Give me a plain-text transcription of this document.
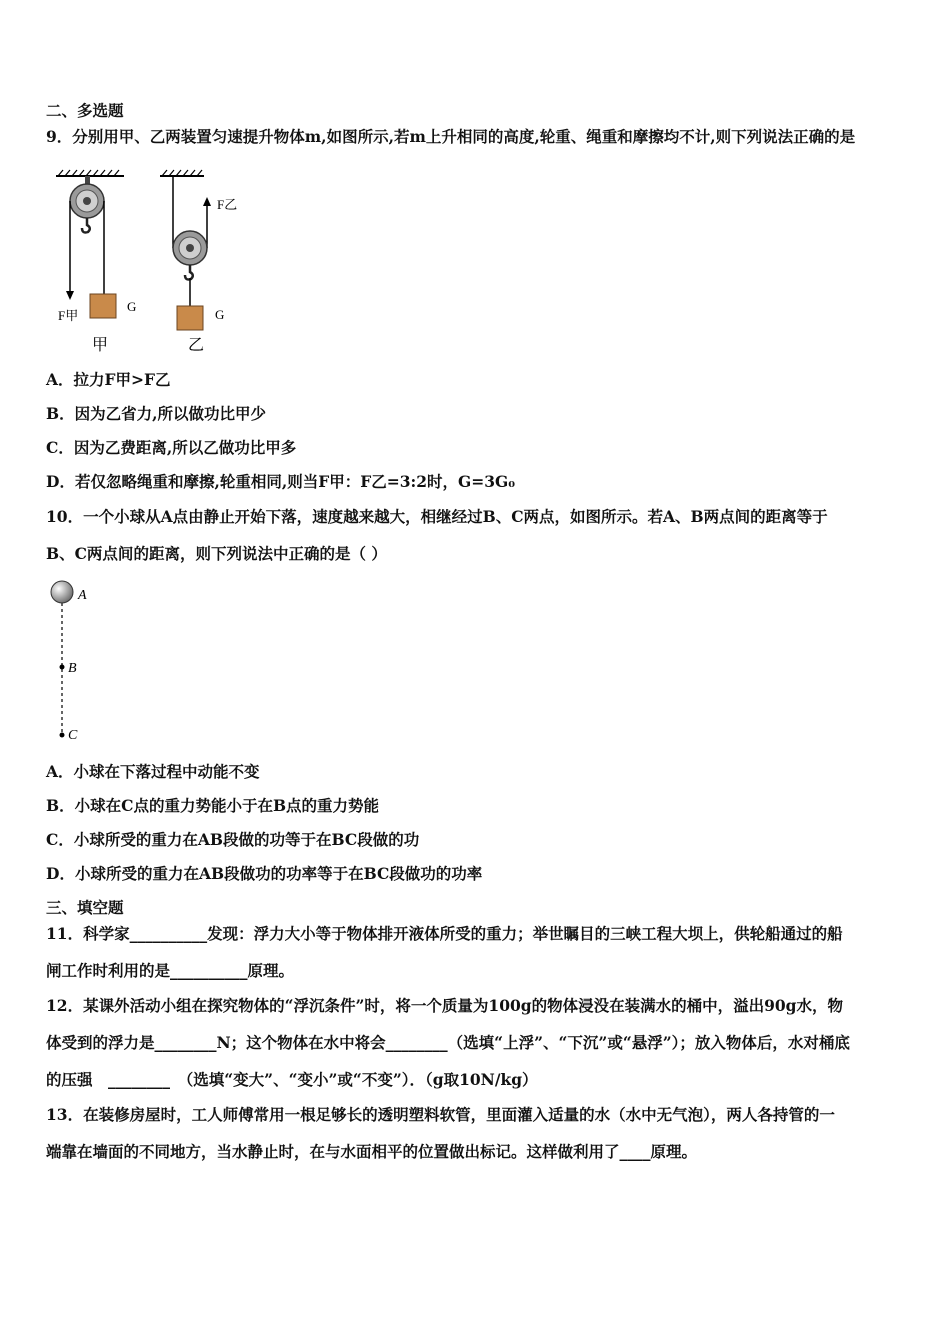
二、多选题
9．分别用甲、乙两装置匀速提升物体m,如图所示,若m上升相同的高度,轮重、绳重和摩擦均不计,则下列说法正确的是
G
F甲
甲
F乙
G
乙
A．拉力F甲>F乙
B．因为乙省力,所以做功比甲少
C．因为乙费距离,所以乙做功比甲多
D．若仅忽略绳重和摩擦,轮重相同,则当F甲：F乙=3:2时，G=3G₀
10．一个小球从A点由静止开始下落，速度越来越大，相继经过B、C两点，如图所示。若A、B两点间的距离等于
B、C两点间的距离，则下列说法中正确的是（ ）
A
B
C
A．小球在下落过程中动能不变
B．小球在C点的重力势能小于在B点的重力势能
C．小球所受的重力在AB段做的功等于在BC段做的功
D．小球所受的重力在AB段做功的功率等于在BC段做功的功率
三、填空题
11．科学家__________发现：浮力大小等于物体排开液体所受的重力；举世瞩目的三峡工程大坝上，供轮船通过的船
闸工作时利用的是__________原理。
12．某课外活动小组在探究物体的“浮沉条件”时，将一个质量为100g的物体浸没在装满水的桶中，溢出90g水，物
体受到的浮力是________N；这个物体在水中将会________（选填“上浮”、“下沉”或“悬浮”）；放入物体后，水对桶底
的压强　________　（选填“变大”、“变小”或“不变”）．（g取10N/kg）
13．在装修房屋时，工人师傅常用一根足够长的透明塑料软管，里面灌入适量的水（水中无气泡），两人各持管的一
端靠在墙面的不同地方，当水静止时，在与水面相平的位置做出标记。这样做利用了____原理。
